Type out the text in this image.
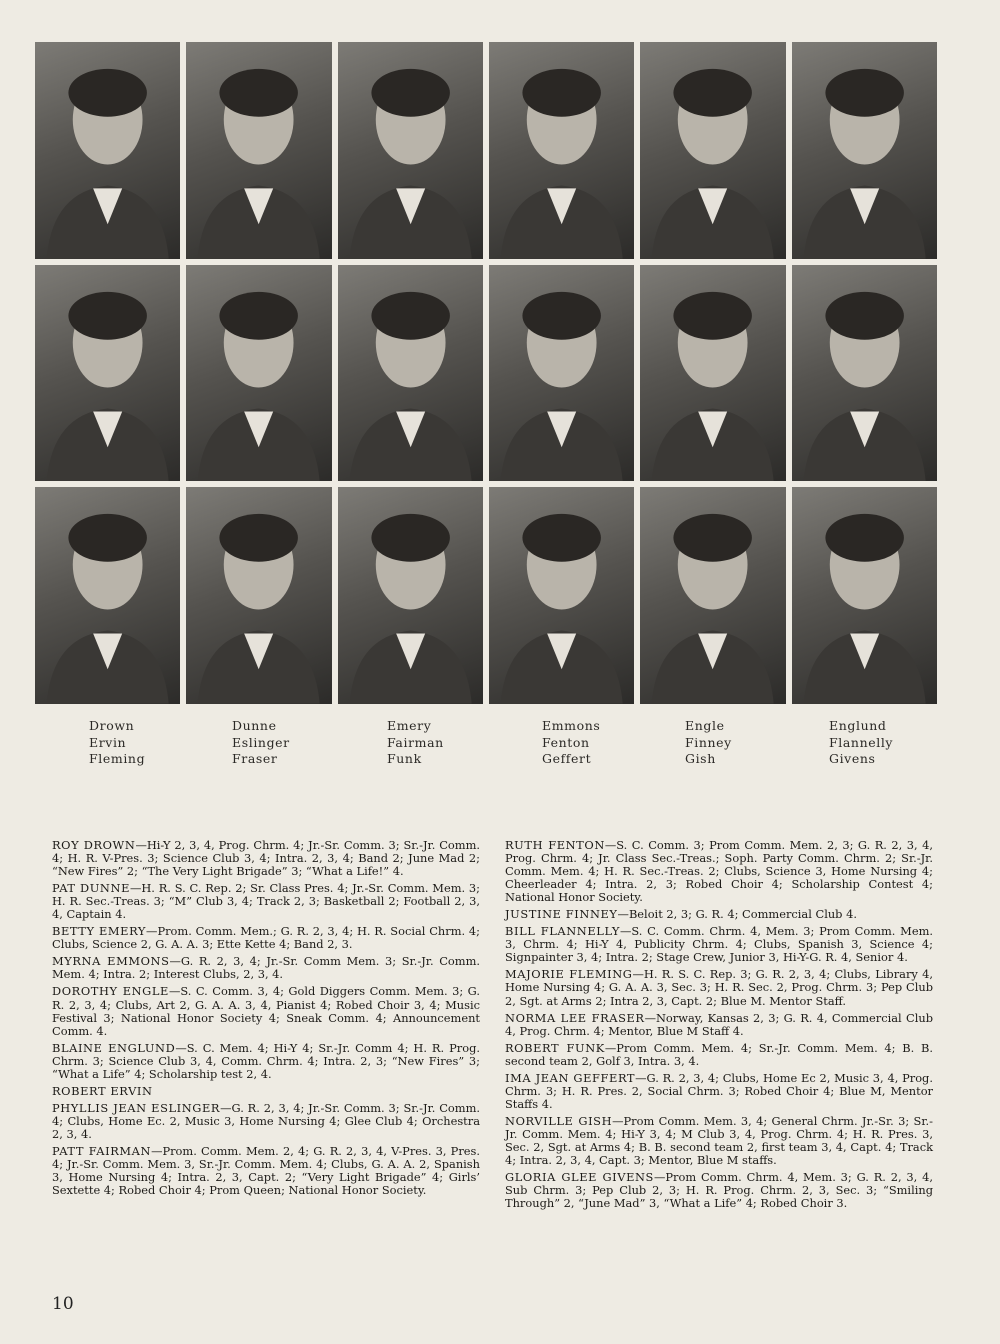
Drown
Ervin
Fleming
Dunne
Eslinger
Fraser
Emery
Fairman
Funk
Emmons
Fenton
Geffert
Engle
Finney
Gish
Englund
Flannelly
Givens

ROY DROWN—Hi-Y 2, 3, 4, Prog. Chrm. 4; Jr.-Sr. Comm. 3; Sr.-Jr. Comm. 4; H. R. V-Pres. 3; Science Club 3, 4; Intra. 2, 3, 4; Band 2; June Mad 2; “New Fires” 2; “The Very Light Brigade” 3; “What a Life!” 4.

PAT DUNNE—H. R. S. C. Rep. 2; Sr. Class Pres. 4; Jr.-Sr. Comm. Mem. 3; H. R. Sec.-Treas. 3; “M” Club 3, 4; Track 2, 3; Basketball 2; Football 2, 3, 4, Captain 4.

BETTY EMERY—Prom. Comm. Mem.; G. R. 2, 3, 4; H. R. Social Chrm. 4; Clubs, Science 2, G. A. A. 3; Ette Kette 4; Band 2, 3.

MYRNA EMMONS—G. R. 2, 3, 4; Jr.-Sr. Comm Mem. 3; Sr.-Jr. Comm. Mem. 4; Intra. 2; Interest Clubs, 2, 3, 4.

DOROTHY ENGLE—S. C. Comm. 3, 4; Gold Diggers Comm. Mem. 3; G. R. 2, 3, 4; Clubs, Art 2, G. A. A. 3, 4, Pianist 4; Robed Choir 3, 4; Music Festival 3; National Honor Society 4; Sneak Comm. 4; Announcement Comm. 4.

BLAINE ENGLUND—S. C. Mem. 4; Hi-Y 4; Sr.-Jr. Comm 4; H. R. Prog. Chrm. 3; Science Club 3, 4, Comm. Chrm. 4; Intra. 2, 3; “New Fires” 3; “What a Life” 4; Scholarship test 2, 4.

ROBERT ERVIN

PHYLLIS JEAN ESLINGER—G. R. 2, 3, 4; Jr.-Sr. Comm. 3; Sr.-Jr. Comm. 4; Clubs, Home Ec. 2, Music 3, Home Nursing 4; Glee Club 4; Orchestra 2, 3, 4.

PATT FAIRMAN—Prom. Comm. Mem. 2, 4; G. R. 2, 3, 4, V-Pres. 3, Pres. 4; Jr.-Sr. Comm. Mem. 3, Sr.-Jr. Comm. Mem. 4; Clubs, G. A. A. 2, Spanish 3, Home Nursing 4; Intra. 2, 3, Capt. 2; “Very Light Brigade” 4; Girls’ Sextette 4; Robed Choir 4; Prom Queen; National Honor Society.

RUTH FENTON—S. C. Comm. 3; Prom Comm. Mem. 2, 3; G. R. 2, 3, 4, Prog. Chrm. 4; Jr. Class Sec.-Treas.; Soph. Party Comm. Chrm. 2; Sr.-Jr. Comm. Mem. 4; H. R. Sec.-Treas. 2; Clubs, Science 3, Home Nursing 4; Cheerleader 4; Intra. 2, 3; Robed Choir 4; Scholarship Contest 4; National Honor Society.

JUSTINE FINNEY—Beloit 2, 3; G. R. 4; Commercial Club 4.

BILL FLANNELLY—S. C. Comm. Chrm. 4, Mem. 3; Prom Comm. Mem. 3, Chrm. 4; Hi-Y 4, Publicity Chrm. 4; Clubs, Spanish 3, Science 4; Signpainter 3, 4; Intra. 2; Stage Crew, Junior 3, Hi-Y-G. R. 4, Senior 4.

MAJORIE FLEMING—H. R. S. C. Rep. 3; G. R. 2, 3, 4; Clubs, Library 4, Home Nursing 4; G. A. A. 3, Sec. 3; H. R. Sec. 2, Prog. Chrm. 3; Pep Club 2, Sgt. at Arms 2; Intra 2, 3, Capt. 2; Blue M. Mentor Staff.

NORMA LEE FRASER—Norway, Kansas 2, 3; G. R. 4, Commercial Club 4, Prog. Chrm. 4; Mentor, Blue M Staff 4.

ROBERT FUNK—Prom Comm. Mem. 4; Sr.-Jr. Comm. Mem. 4; B. B. second team 2, Golf 3, Intra. 3, 4.

IMA JEAN GEFFERT—G. R. 2, 3, 4; Clubs, Home Ec 2, Music 3, 4, Prog. Chrm. 3; H. R. Pres. 2, Social Chrm. 3; Robed Choir 4; Blue M, Mentor Staffs 4.

NORVILLE GISH—Prom Comm. Mem. 3, 4; General Chrm. Jr.-Sr. 3; Sr.-Jr. Comm. Mem. 4; Hi-Y 3, 4; M Club 3, 4, Prog. Chrm. 4; H. R. Pres. 3, Sec. 2, Sgt. at Arms 4; B. B. second team 2, first team 3, 4, Capt. 4; Track 4; Intra. 2, 3, 4, Capt. 3; Mentor, Blue M staffs.

GLORIA GLEE GIVENS—Prom Comm. Chrm. 4, Mem. 3; G. R. 2, 3, 4, Sub Chrm. 3; Pep Club 2, 3; H. R. Prog. Chrm. 2, 3, Sec. 3; “Smiling Through” 2, “June Mad” 3, “What a Life” 4; Robed Choir 3.

10
